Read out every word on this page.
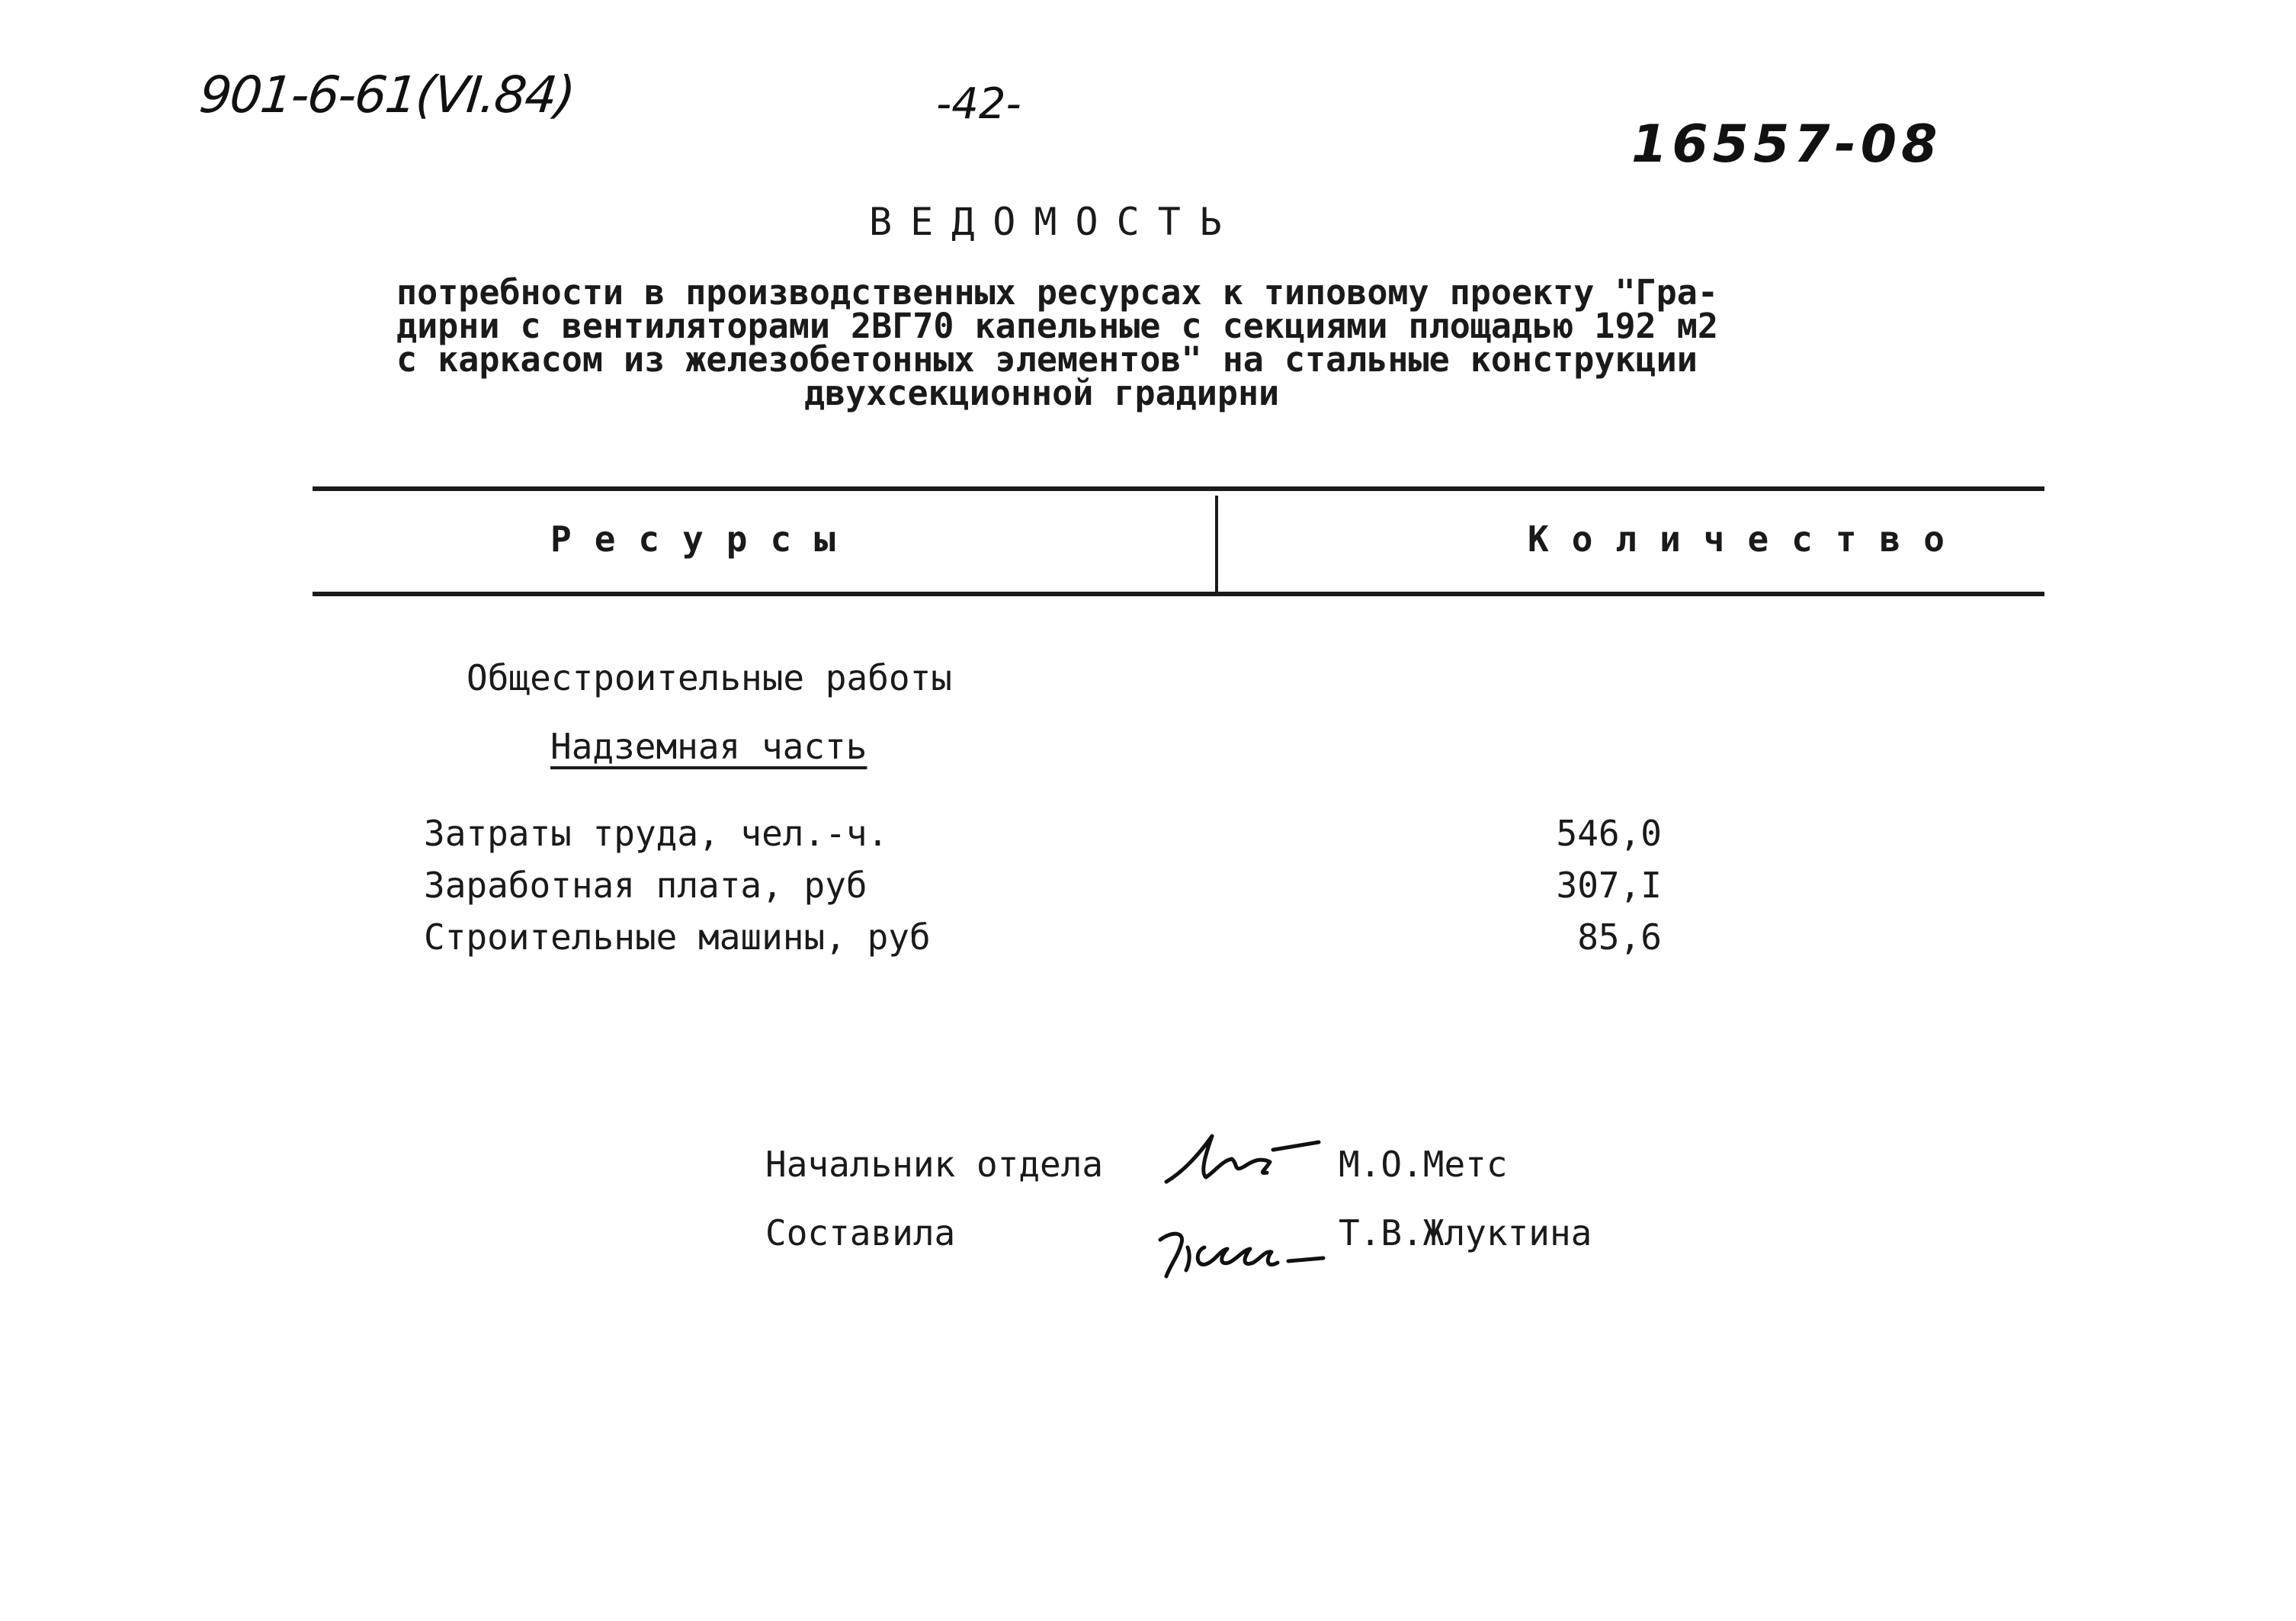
901-6-61(VI.84)	-42-
16557-08
ВЕДОМОСТЬ
потребности в производственных ресурсах к типовому проекту "Гра-
дирни с вентиляторами 2ВГ70 капельные с секциями площадью 192 м2
с каркасом из железобетонных элементов" на стальные конструкции
двухсекционной градирни
Ресурсы	Количество
Общестроительные работы
Надземная часть
Затраты труда, чел.-ч.	546,0
Заработная плата, руб	307,I
Строительные машины, руб	85,6
Начальник отдела	М.О.Метс
Составила	Т.В.Жлуктина
